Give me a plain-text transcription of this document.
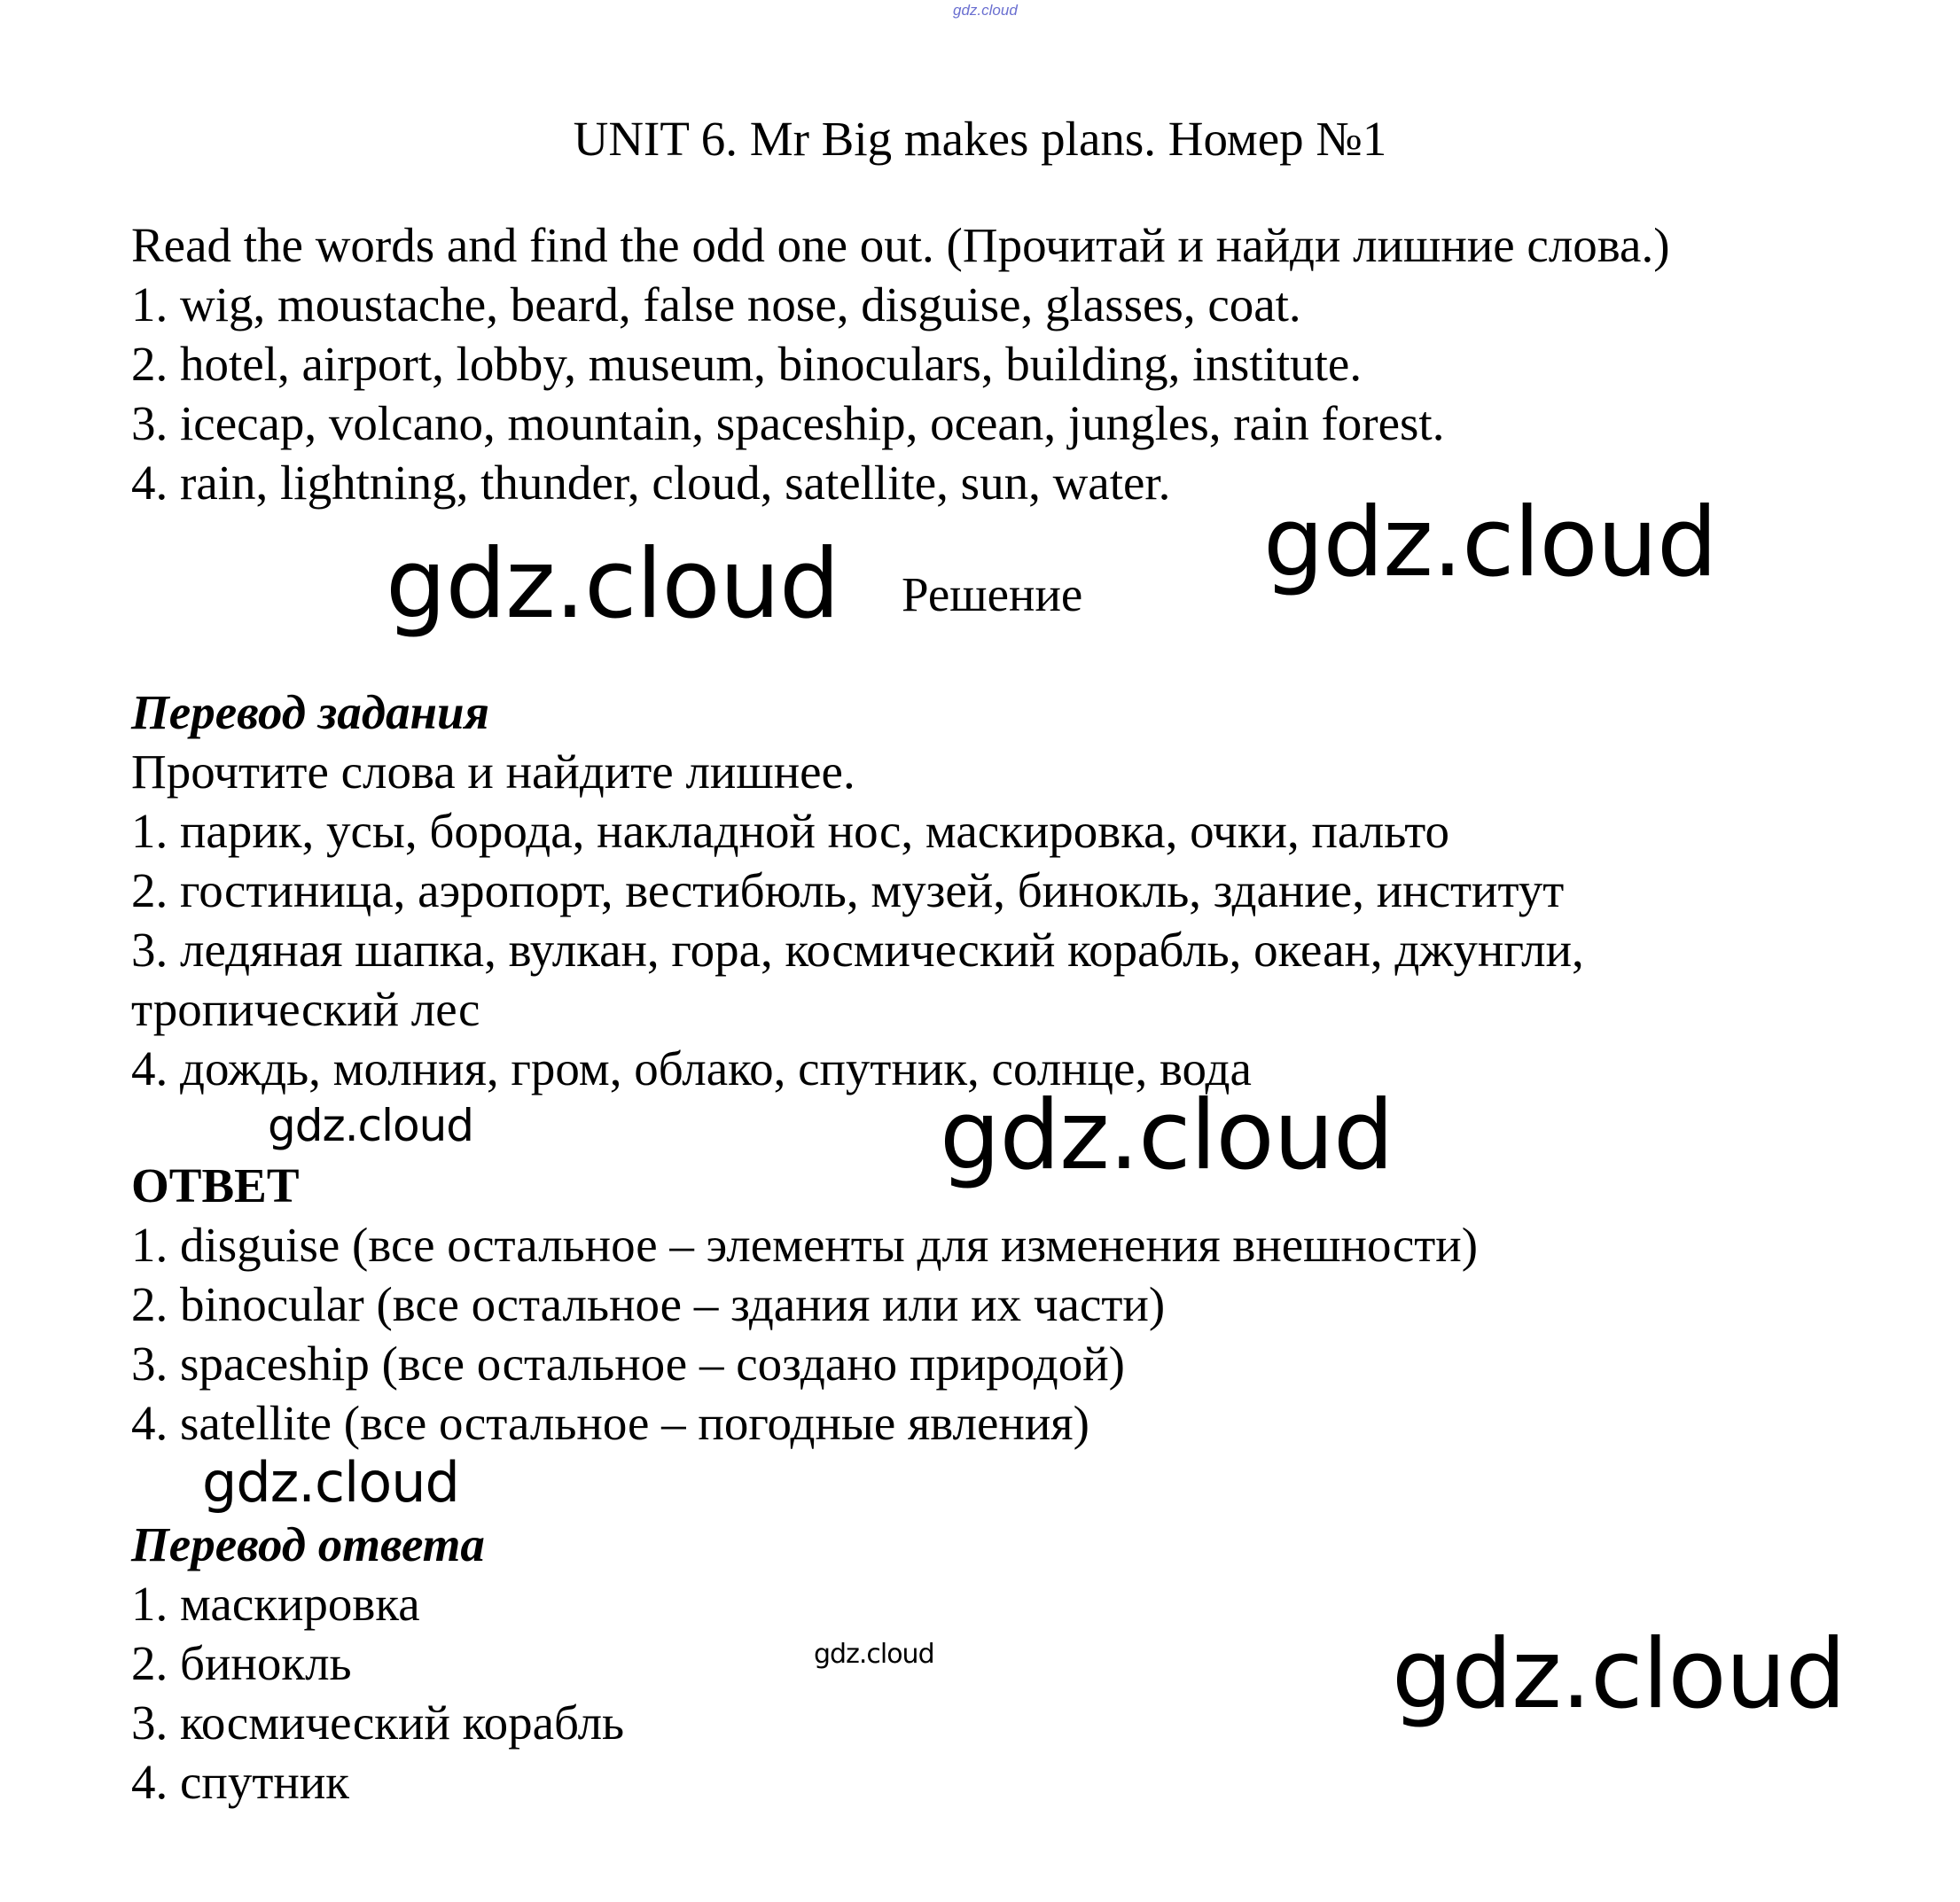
gdz.cloud
UNIT 6. Mr Big makes plans. Номер №1
Read the words and find the odd one out. (Прочитай и найди лишние слова.)
1. wig, moustache, beard, false nose, disguise, glasses, coat.
2. hotel, airport, lobby, museum, binoculars, building, institute.
3. icecap, volcano, mountain, spaceship, ocean, jungles, rain forest.
4. rain, lightning, thunder, cloud, satellite, sun, water.
gdz.cloud	gdz.cloud
Решение
Перевод задания
Прочтите слова и найдите лишнее.
1. парик, усы, борода, накладной нос, маскировка, очки, пальто
2. гостиница, аэропорт, вестибюль, музей, бинокль, здание, институт
3. ледяная шапка, вулкан, гора, космический корабль, океан, джунгли,
тропический лес
4. дождь, молния, гром, облако, спутник, солнце, вода
gdz.cloud	gdz.cloud
ОТВЕТ
1. disguise (все остальное – элементы для изменения внешности)
2. binocular (все остальное – здания или их части)
3. spaceship (все остальное – создано природой)
4. satellite (все остальное – погодные явления)
gdz.cloud
Перевод ответа
1. маскировка
2. бинокль
3. космический корабль
4. спутник
gdz.cloud	gdz.cloud
